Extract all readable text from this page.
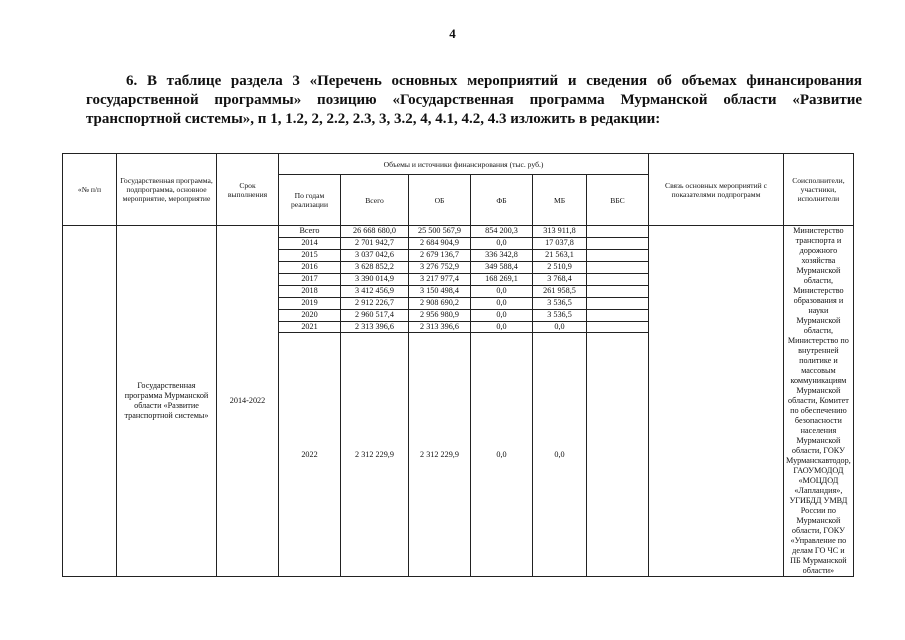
4

6. В таблице раздела 3 «Перечень основных мероприятий и сведения об объемах финансирования государственной программы» позицию «Государственная программа Мурманской области «Развитие транспортной системы», п 1, 1.2, 2, 2.2, 2.3, 3, 3.2, 4, 4.1, 4.2, 4.3 изложить в редакции:

«№ п/п	Государственная программа, подпрограмма, основное мероприятие, мероприятие	Срок выполнения	Объемы и источники финансирования (тыс. руб.)						Связь основных мероприятий с показателями подпрограмм	Соисполнители, участники, исполнители
			По годам реализации	Всего	ОБ	ФБ	МБ	ВБС		
	Государственная программа Мурманской области «Развитие транспортной системы»	2014-2022	Всего	26 668 680,0	25 500 567,9	854 200,3	313 911,8			Министерство транспорта и дорожного хозяйства Мурманской области, Министерство образования и науки Мурманской области, Министерство по внутренней политике и массовым коммуникациям Мурманской области, Комитет по обеспечению безопасности населения Мурманской области, ГОКУ Мурманскавтодор, ГАОУМОДОД «МОЦДОД «Лапландия», УГИБДД УМВД России по Мурманской области, ГОКУ «Управление по делам ГО ЧС и ПБ Мурманской области»
			2014	2 701 942,7	2 684 904,9	0,0	17 037,8			
			2015	3 037 042,6	2 679 136,7	336 342,8	21 563,1			
			2016	3 628 852,2	3 276 752,9	349 588,4	2 510,9			
			2017	3 390 014,9	3 217 977,4	168 269,1	3 768,4			
			2018	3 412 456,9	3 150 498,4	0,0	261 958,5			
			2019	2 912 226,7	2 908 690,2	0,0	3 536,5			
			2020	2 960 517,4	2 956 980,9	0,0	3 536,5			
			2021	2 313 396,6	2 313 396,6	0,0	0,0			
			2022	2 312 229,9	2 312 229,9	0,0	0,0			
